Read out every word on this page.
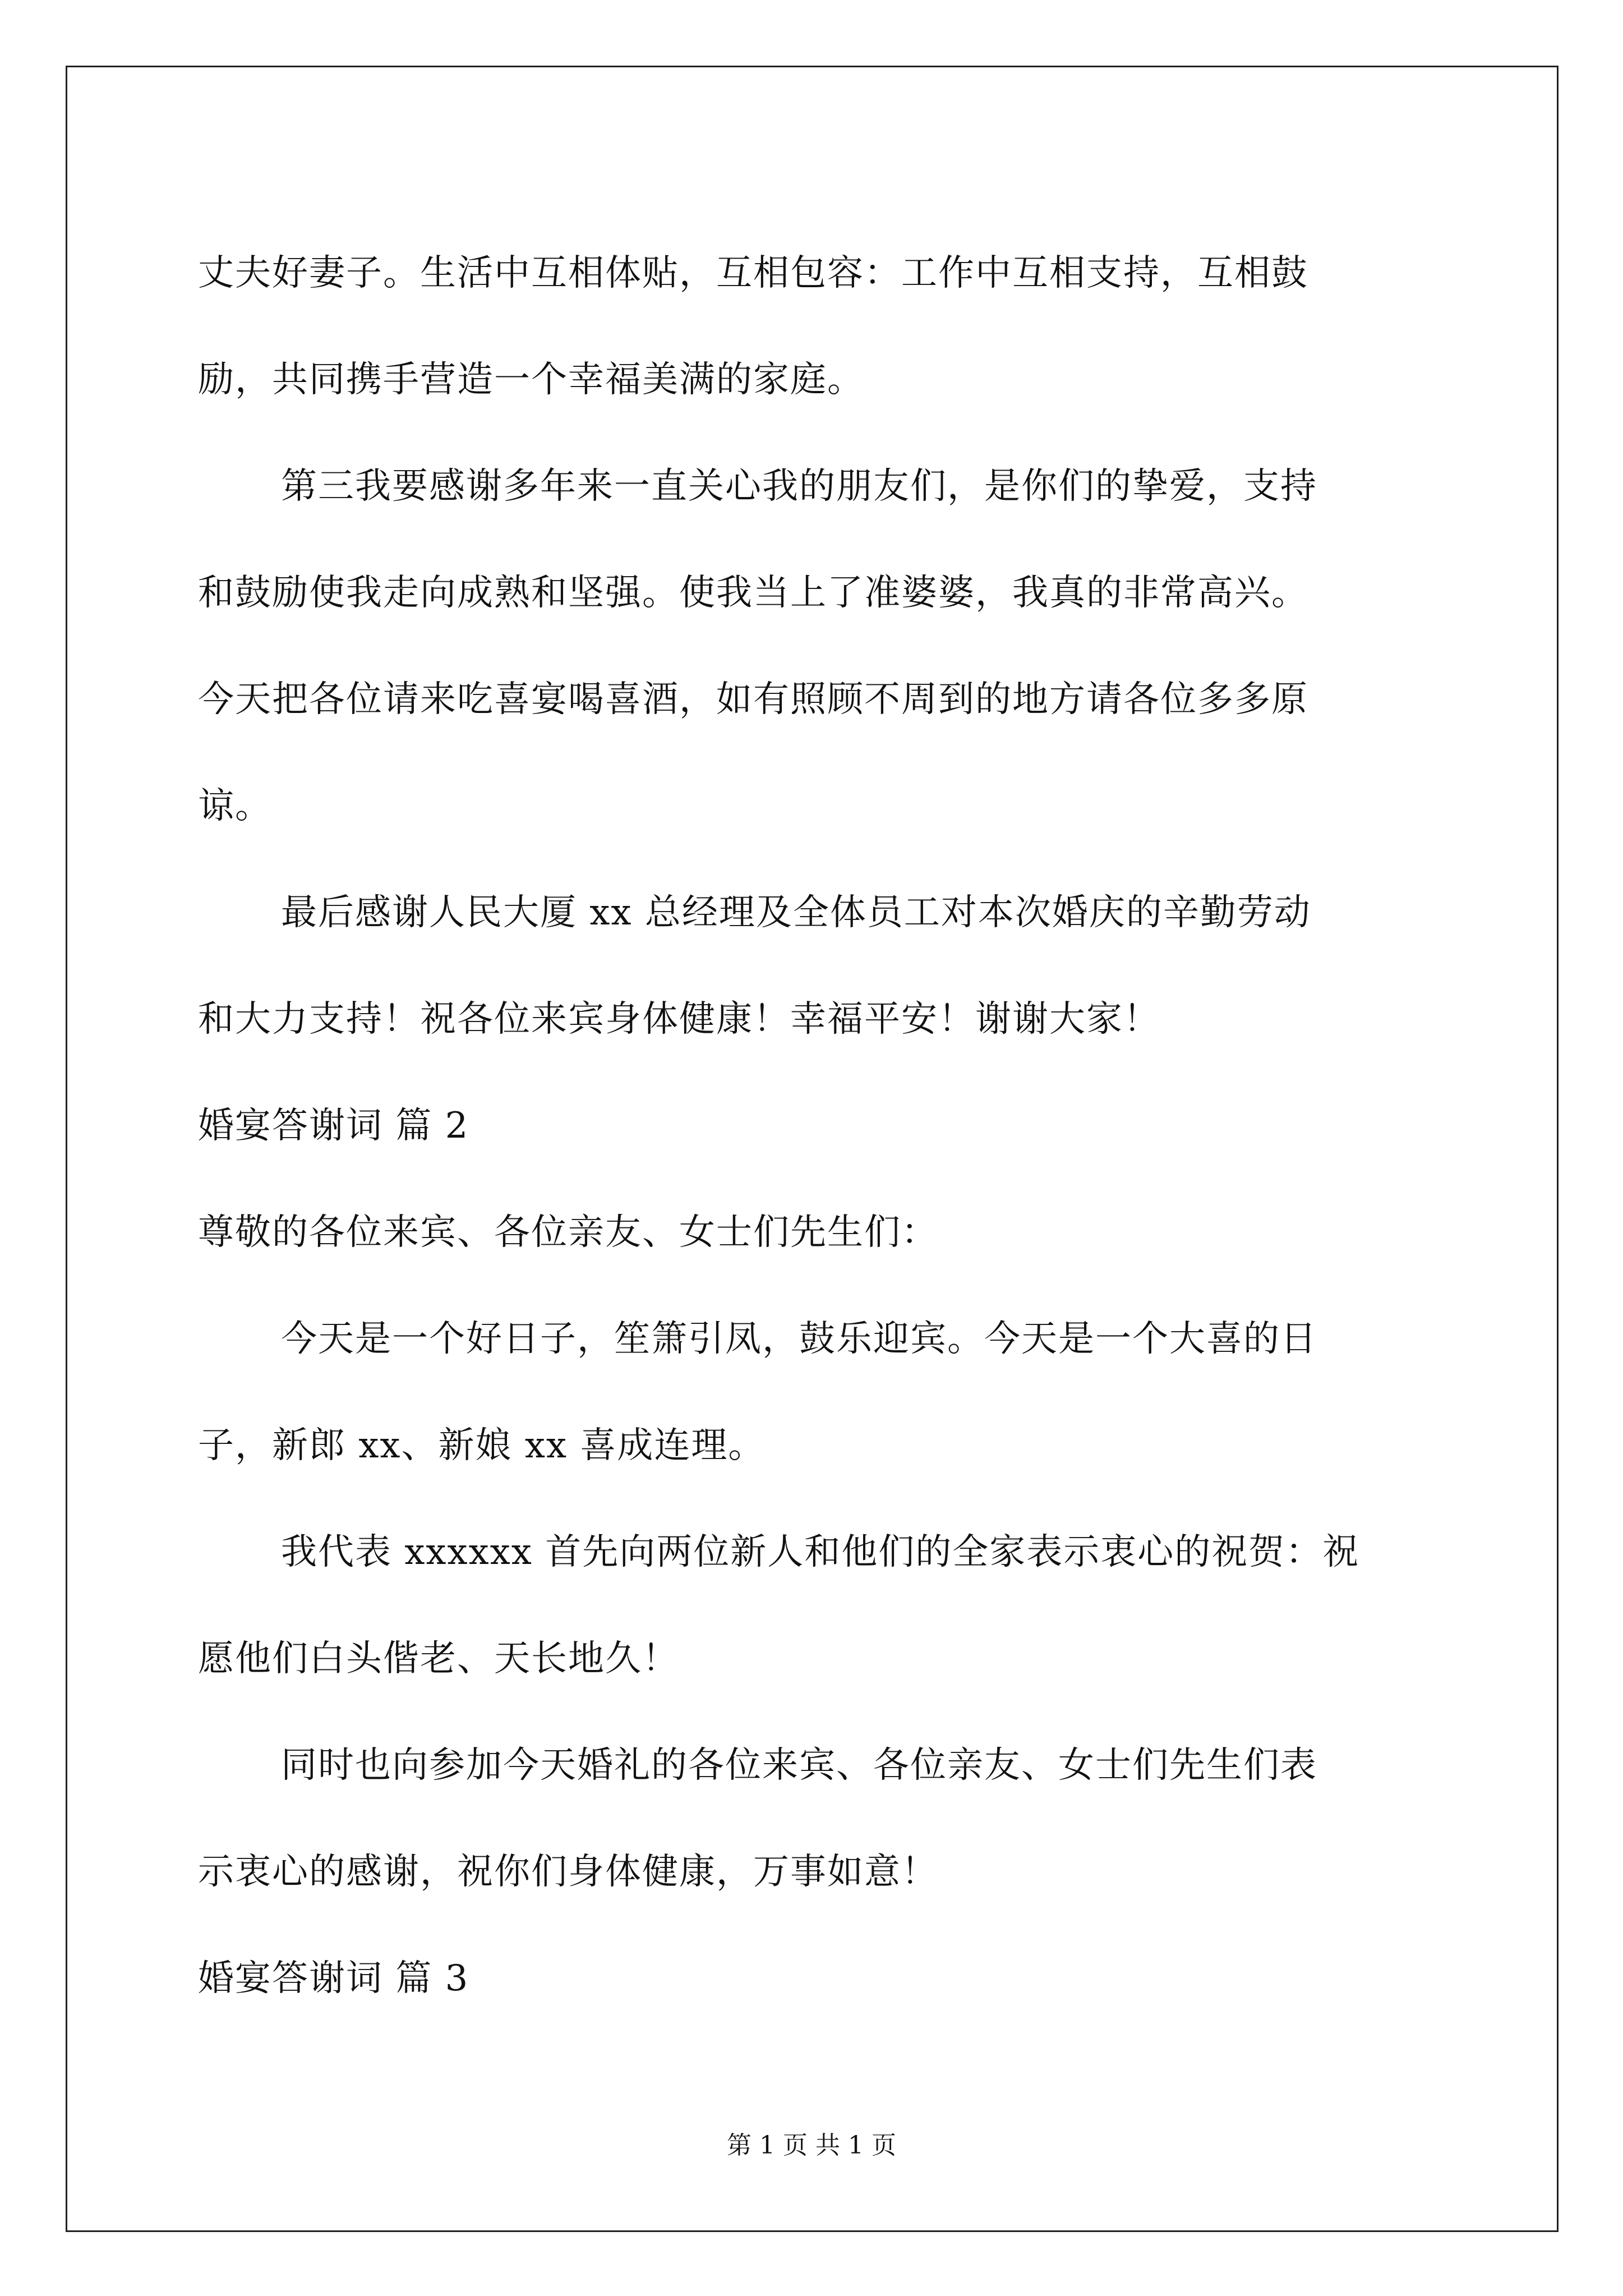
丈夫好妻子。生活中互相体贴，互相包容：工作中互相支持，互相鼓
励，共同携手营造一个幸福美满的家庭。
第三我要感谢多年来一直关心我的朋友们，是你们的挚爱，支持
和鼓励使我走向成熟和坚强。使我当上了准婆婆，我真的非常高兴。
今天把各位请来吃喜宴喝喜酒，如有照顾不周到的地方请各位多多原
谅。
最后感谢人民大厦 xx 总经理及全体员工对本次婚庆的辛勤劳动
和大力支持！祝各位来宾身体健康！幸福平安！谢谢大家！
婚宴答谢词 篇 2
尊敬的各位来宾、各位亲友、女士们先生们：
今天是一个好日子，笙箫引凤，鼓乐迎宾。今天是一个大喜的日
子，新郎 xx、新娘 xx 喜成连理。
我代表 xxxxxx 首先向两位新人和他们的全家表示衷心的祝贺：祝
愿他们白头偕老、天长地久！
同时也向参加今天婚礼的各位来宾、各位亲友、女士们先生们表
示衷心的感谢，祝你们身体健康，万事如意！
婚宴答谢词 篇 3
第 1 页 共 1 页
